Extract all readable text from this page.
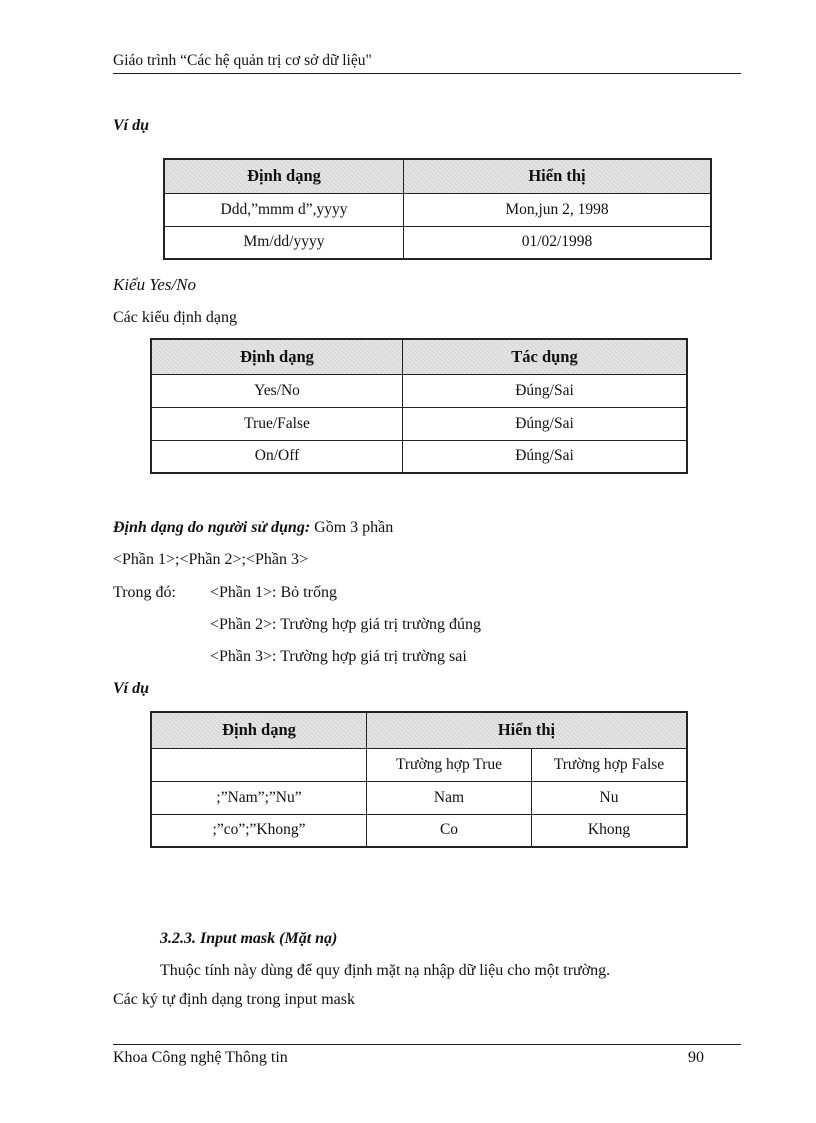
Giáo trình “Các hệ quản trị cơ sở dữ liệu"
Ví dụ
Định dạng	Hiển thị
Ddd,”mmm d”,yyyy	Mon,jun 2, 1998
Mm/dd/yyyy	01/02/1998
Kiểu Yes/No
Các kiểu định dạng
Định dạng	Tác dụng
Yes/No	Đúng/Sai
True/False	Đúng/Sai
On/Off	Đúng/Sai
Định dạng do người sử dụng: Gồm 3 phần
<Phần 1>;<Phần 2>;<Phần 3>
Trong đó: <Phần 1>: Bỏ trống
<Phần 2>: Trường hợp giá trị trường đúng
<Phần 3>: Trường hợp giá trị trường sai
Ví dụ
Định dạng	Hiển thị	
	Trường hợp True	Trường hợp False
;”Nam”;”Nu”	Nam	Nu
;”co”;”Khong”	Co	Khong
3.2.3. Input mask (Mặt nạ)
Thuộc tính này dùng để quy định mặt nạ nhập dữ liệu cho một trường.
Các ký tự định dạng trong input mask
Khoa Công nghệ Thông tin	90
